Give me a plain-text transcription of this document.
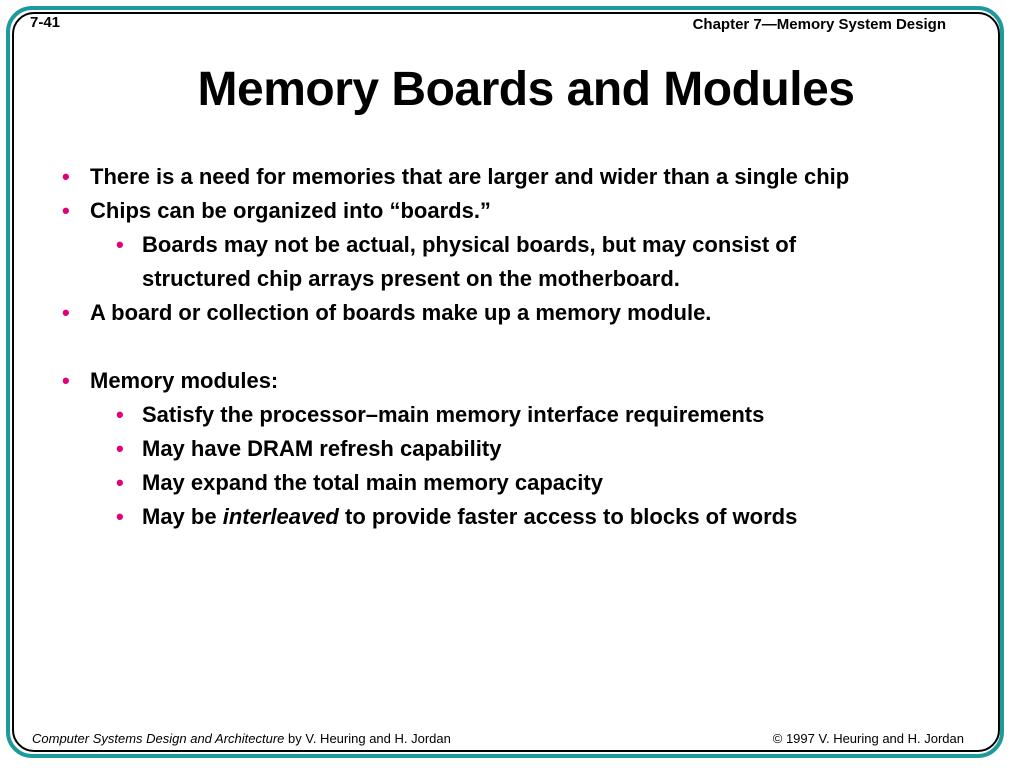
7-41	Chapter 7—Memory System Design
Memory Boards and Modules
• There is a need for memories that are larger and wider than a single chip
• Chips can be organized into “boards.”
• Boards may not be actual, physical boards, but may consist of
structured chip arrays present on the motherboard.
• A board or collection of boards make up a memory module.
• Memory modules:
• Satisfy the processor–main memory interface requirements
• May have DRAM refresh capability
• May expand the total main memory capacity
• May be interleaved to provide faster access to blocks of words
Computer Systems Design and Architecture by V. Heuring and H. Jordan	© 1997 V. Heuring and H. Jordan
